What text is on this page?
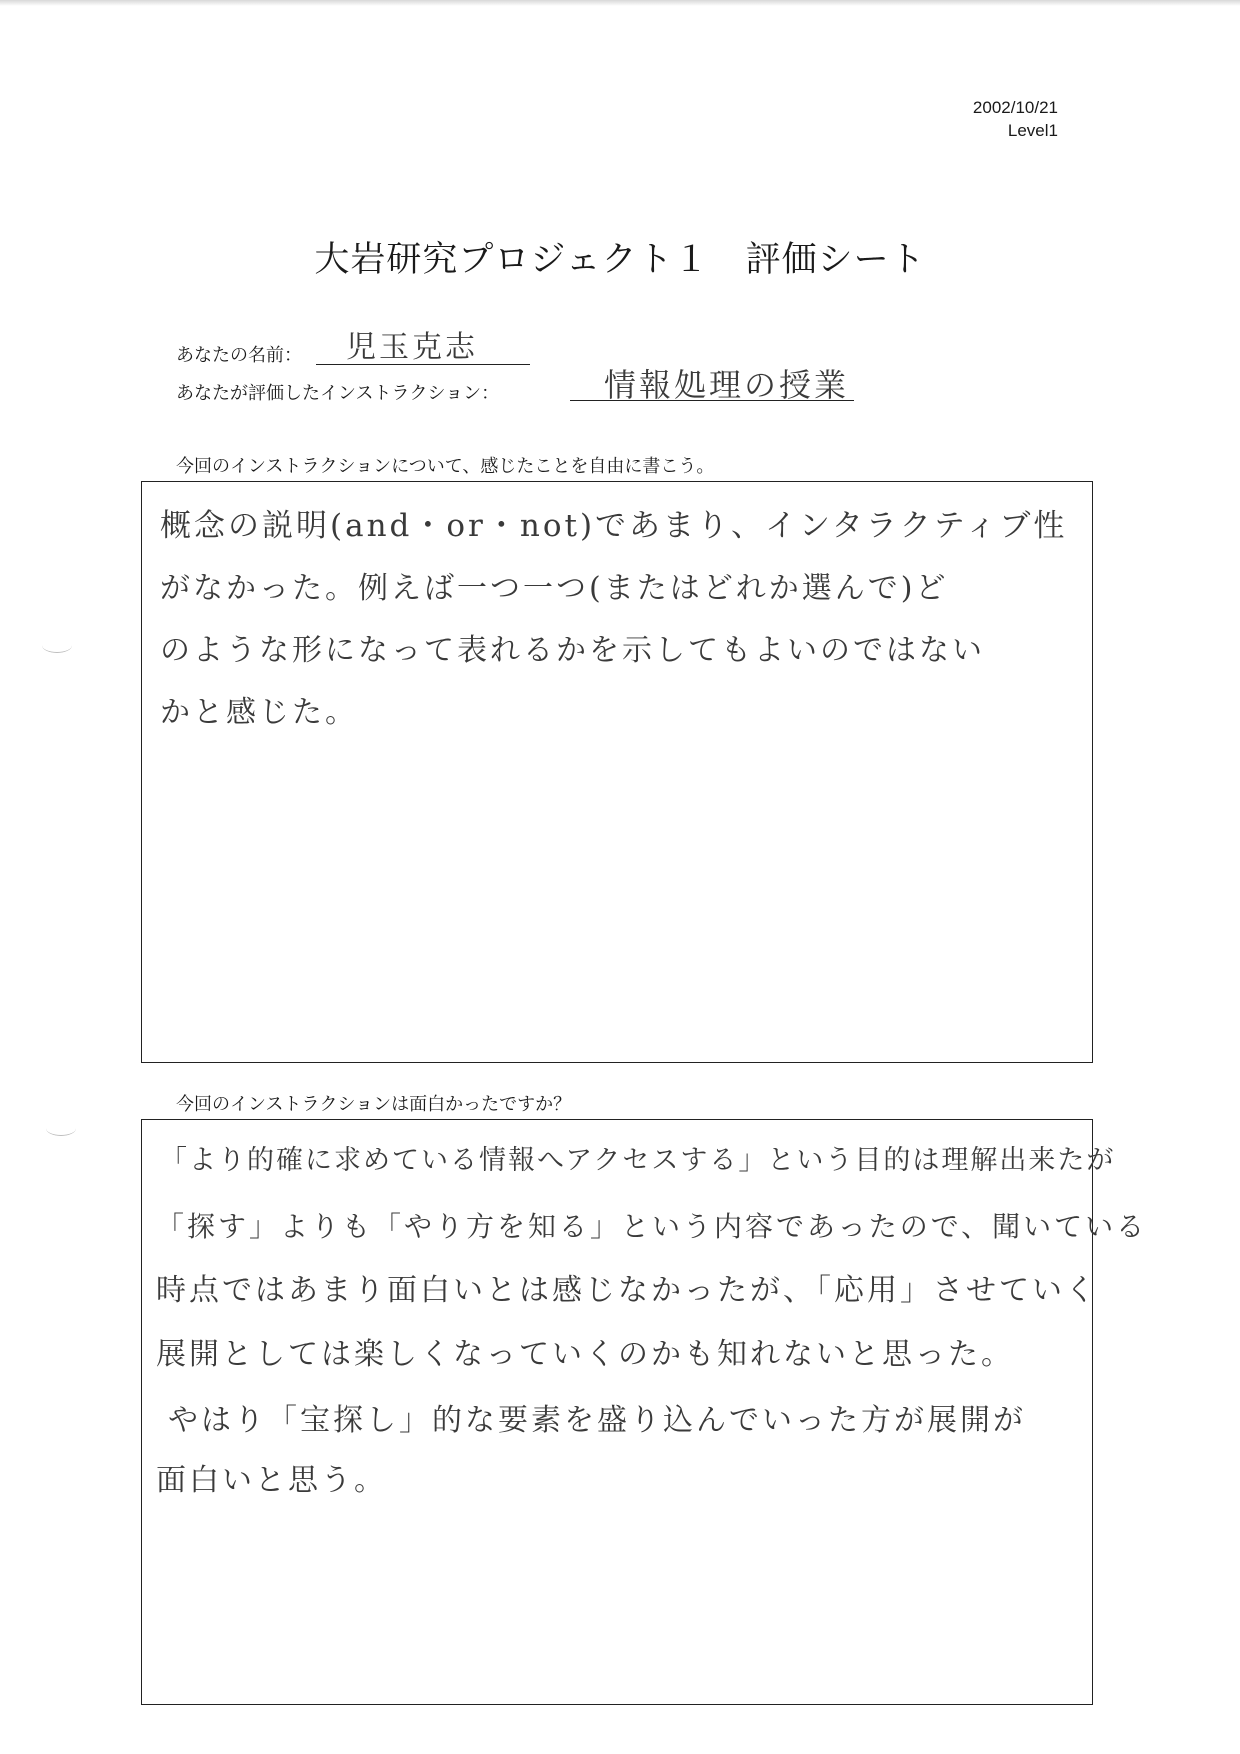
2002/10/21
Level1
大岩研究プロジェクト１　評価シート
あなたの名前： 児玉克志
あなたが評価したインストラクション：	情報処理の授業
今回のインストラクションについて、感じたことを自由に書こう。
概念の説明(and・or・not)であまり、インタラクティブ性
がなかった。例えば一つ一つ(またはどれか選んで)ど
のような形になって表れるかを示してもよいのではない
かと感じた。
今回のインストラクションは面白かったですか？
「より的確に求めている情報へアクセスする」という目的は理解出来たが
「探す」よりも「やり方を知る」という内容であったので、聞いている
時点ではあまり面白いとは感じなかったが、「応用」させていく
展開としては楽しくなっていくのかも知れないと思った。
やはり「宝探し」的な要素を盛り込んでいった方が展開が
面白いと思う。
